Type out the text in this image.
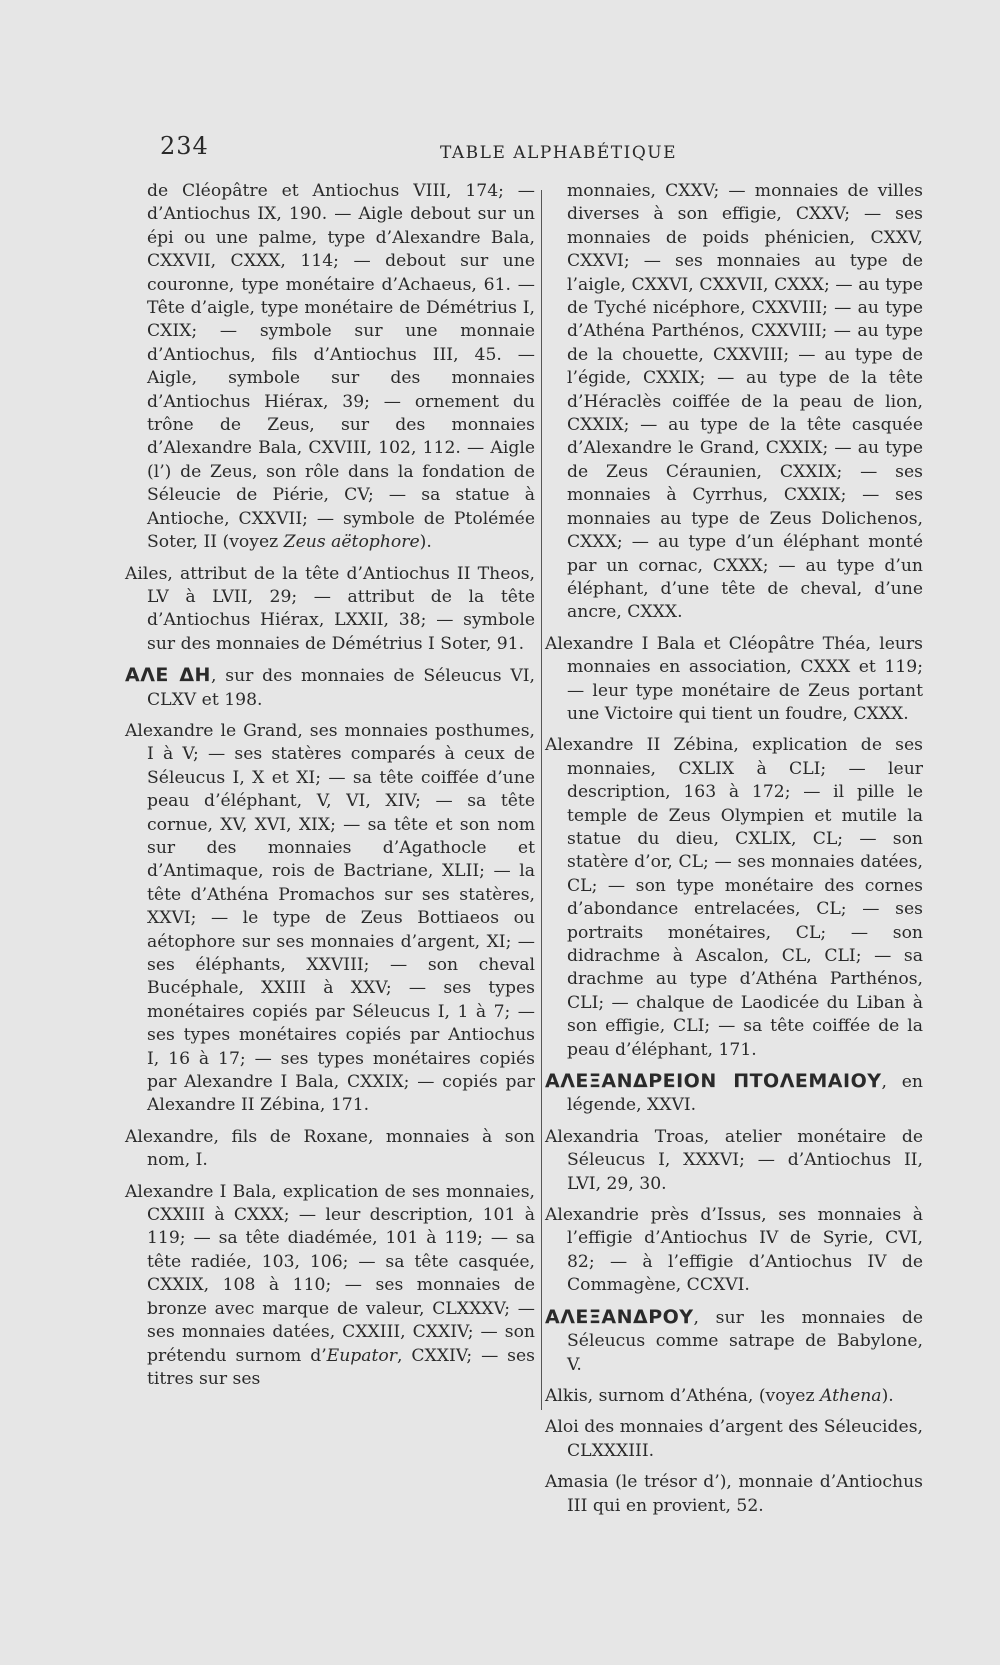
234	TABLE ALPHABÉTIQUE

de Cléopâtre et Antiochus VIII, 174; — d’Antiochus IX, 190. — Aigle debout sur un épi ou une palme, type d’Alexandre Bala, CXXVII, CXXX, 114; — debout sur une couronne, type monétaire d’Achaeus, 61. — Tête d’aigle, type monétaire de Démétrius I, CXIX; — symbole sur une monnaie d’Antiochus, fils d’Antiochus III, 45. — Aigle, symbole sur des monnaies d’Antiochus Hiérax, 39; — ornement du trône de Zeus, sur des monnaies d’Alexandre Bala, CXVIII, 102, 112. — Aigle (l’) de Zeus, son rôle dans la fondation de Séleucie de Piérie, CV; — sa statue à Antioche, CXXVII; — symbole de Ptolémée Soter, II (voyez Zeus aëtophore).

Ailes, attribut de la tête d’Antiochus II Theos, LV à LVII, 29; — attribut de la tête d’Antiochus Hiérax, LXXII, 38; — symbole sur des monnaies de Démétrius I Soter, 91.

ΑΛΕ ΔΗ, sur des monnaies de Séleucus VI, CLXV et 198.

Alexandre le Grand, ses monnaies posthumes, I à V; — ses statères comparés à ceux de Séleucus I, X et XI; — sa tête coiffée d’une peau d’éléphant, V, VI, XIV; — sa tête cornue, XV, XVI, XIX; — sa tête et son nom sur des monnaies d’Agathocle et d’Antimaque, rois de Bactriane, XLII; — la tête d’Athéna Promachos sur ses statères, XXVI; — le type de Zeus Bottiaeos ou aétophore sur ses monnaies d’argent, XI; — ses éléphants, XXVIII; — son cheval Bucéphale, XXIII à XXV; — ses types monétaires copiés par Séleucus I, 1 à 7; — ses types monétaires copiés par Antiochus I, 16 à 17; — ses types monétaires copiés par Alexandre I Bala, CXXIX; — copiés par Alexandre II Zébina, 171.

Alexandre, fils de Roxane, monnaies à son nom, I.

Alexandre I Bala, explication de ses monnaies, CXXIII à CXXX; — leur description, 101 à 119; — sa tête diadémée, 101 à 119; — sa tête radiée, 103, 106; — sa tête casquée, CXXIX, 108 à 110; — ses monnaies de bronze avec marque de valeur, CLXXXV; — ses monnaies datées, CXXIII, CXXIV; — son prétendu surnom d’Eupator, CXXIV; — ses titres sur ses

monnaies, CXXV; — monnaies de villes diverses à son effigie, CXXV; — ses monnaies de poids phénicien, CXXV, CXXVI; — ses monnaies au type de l’aigle, CXXVI, CXXVII, CXXX; — au type de Tyché nicéphore, CXXVIII; — au type d’Athéna Parthénos, CXXVIII; — au type de la chouette, CXXVIII; — au type de l’égide, CXXIX; — au type de la tête d’Héraclès coiffée de la peau de lion, CXXIX; — au type de la tête casquée d’Alexandre le Grand, CXXIX; — au type de Zeus Céraunien, CXXIX; — ses monnaies à Cyrrhus, CXXIX; — ses monnaies au type de Zeus Dolichenos, CXXX; — au type d’un éléphant monté par un cornac, CXXX; — au type d’un éléphant, d’une tête de cheval, d’une ancre, CXXX.

Alexandre I Bala et Cléopâtre Théa, leurs monnaies en association, CXXX et 119; — leur type monétaire de Zeus portant une Victoire qui tient un foudre, CXXX.

Alexandre II Zébina, explication de ses monnaies, CXLIX à CLI; — leur description, 163 à 172; — il pille le temple de Zeus Olympien et mutile la statue du dieu, CXLIX, CL; — son statère d’or, CL; — ses monnaies datées, CL; — son type monétaire des cornes d’abondance entrelacées, CL; — ses portraits monétaires, CL; — son didrachme à Ascalon, CL, CLI; — sa drachme au type d’Athéna Parthénos, CLI; — chalque de Laodicée du Liban à son effigie, CLI; — sa tête coiffée de la peau d’éléphant, 171.

ΑΛΕΞΑΝΔΡΕΙΟΝ ΠΤΟΛΕΜΑΙΟΥ, en légende, XXVI.

Alexandria Troas, atelier monétaire de Séleucus I, XXXVI; — d’Antiochus II, LVI, 29, 30.

Alexandrie près d’Issus, ses monnaies à l’effigie d’Antiochus IV de Syrie, CVI, 82; — à l’effigie d’Antiochus IV de Commagène, CCXVI.

ΑΛΕΞΑΝΔΡΟΥ, sur les monnaies de Séleucus comme satrape de Babylone, V.

Alkis, surnom d’Athéna, (voyez Athena).

Aloi des monnaies d’argent des Séleucides, CLXXXIII.

Amasia (le trésor d’), monnaie d’Antiochus III qui en provient, 52.
